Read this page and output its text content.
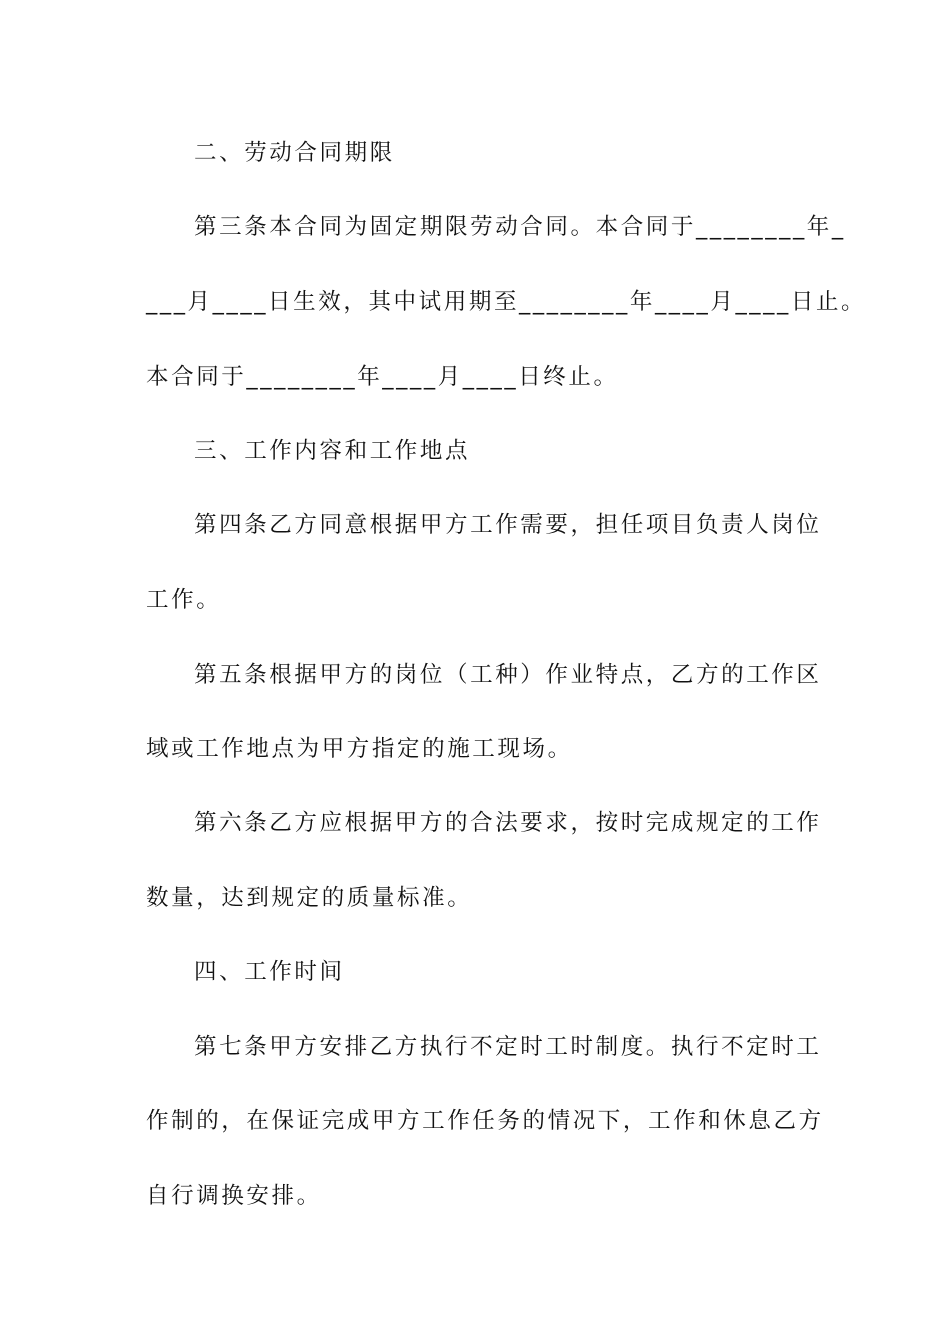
二、劳动合同期限
第三条本合同为固定期限劳动合同。本合同于________年_
___月____日生效，其中试用期至________年____月____日止。
本合同于________年____月____日终止。
三、工作内容和工作地点
第四条乙方同意根据甲方工作需要，担任项目负责人岗位
工作。
第五条根据甲方的岗位（工种）作业特点，乙方的工作区
域或工作地点为甲方指定的施工现场。
第六条乙方应根据甲方的合法要求，按时完成规定的工作
数量，达到规定的质量标准。
四、工作时间
第七条甲方安排乙方执行不定时工时制度。执行不定时工
作制的，在保证完成甲方工作任务的情况下，工作和休息乙方
自行调换安排。
